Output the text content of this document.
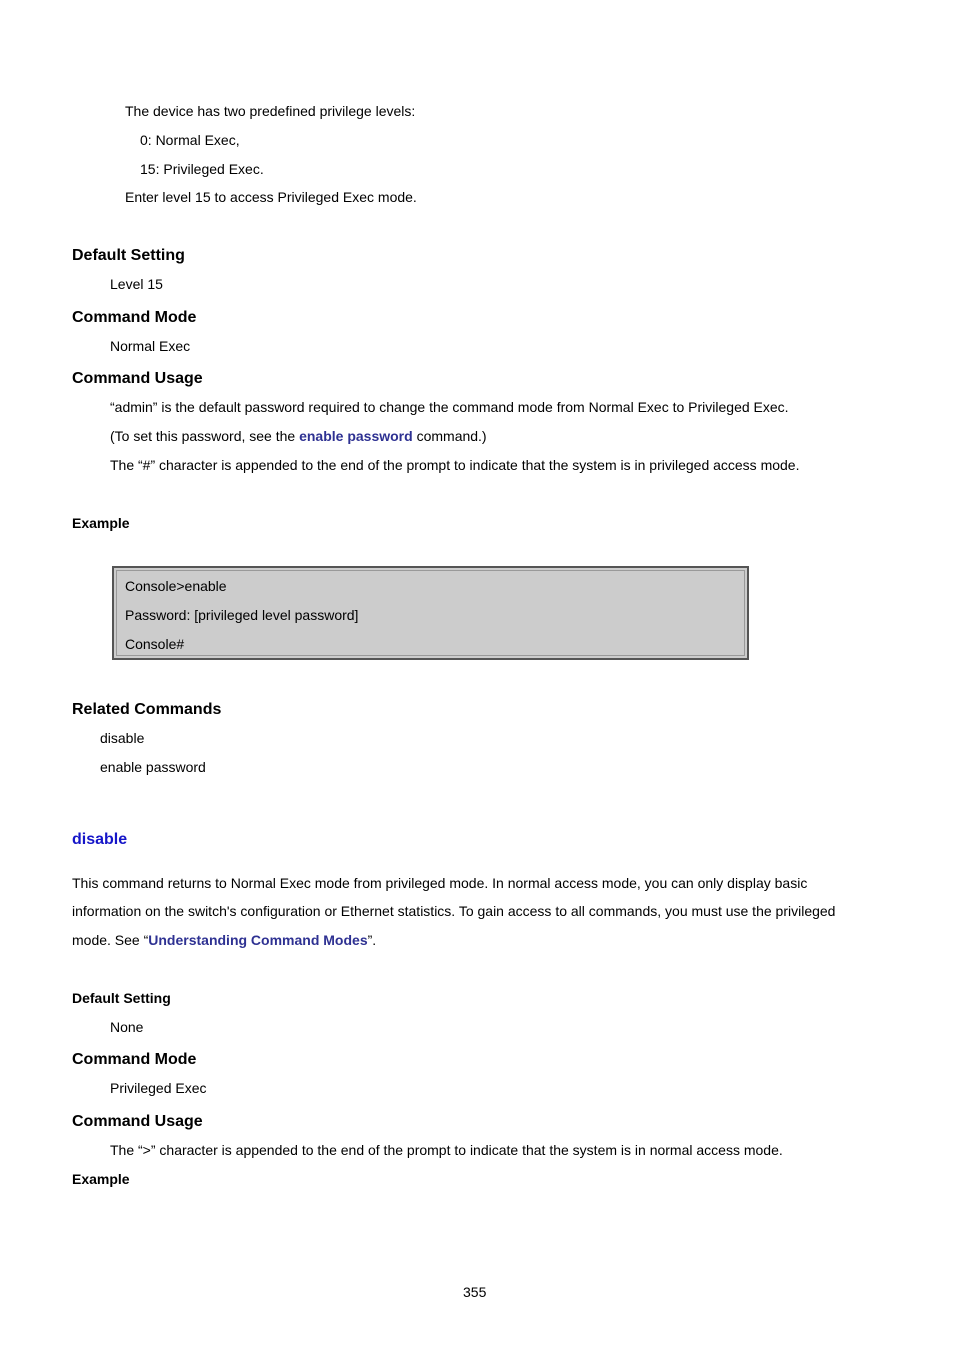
The device has two predefined privilege levels:

0: Normal Exec,

15: Privileged Exec.

Enter level 15 to access Privileged Exec mode.

Default Setting

Level 15

Command Mode

Normal Exec

Command Usage

“admin” is the default password required to change the command mode from Normal Exec to Privileged Exec.

(To set this password, see the enable password command.)

The “#” character is appended to the end of the prompt to indicate that the system is in privileged access mode.

Example

Console>enable
Password: [privileged level password]
Console#

Related Commands

disable

enable password

disable

This command returns to Normal Exec mode from privileged mode. In normal access mode, you can only display basic

information on the switch's configuration or Ethernet statistics. To gain access to all commands, you must use the privileged

mode. See “Understanding Command Modes”.

Default Setting

None

Command Mode

Privileged Exec

Command Usage

The “>” character is appended to the end of the prompt to indicate that the system is in normal access mode.

Example

355
